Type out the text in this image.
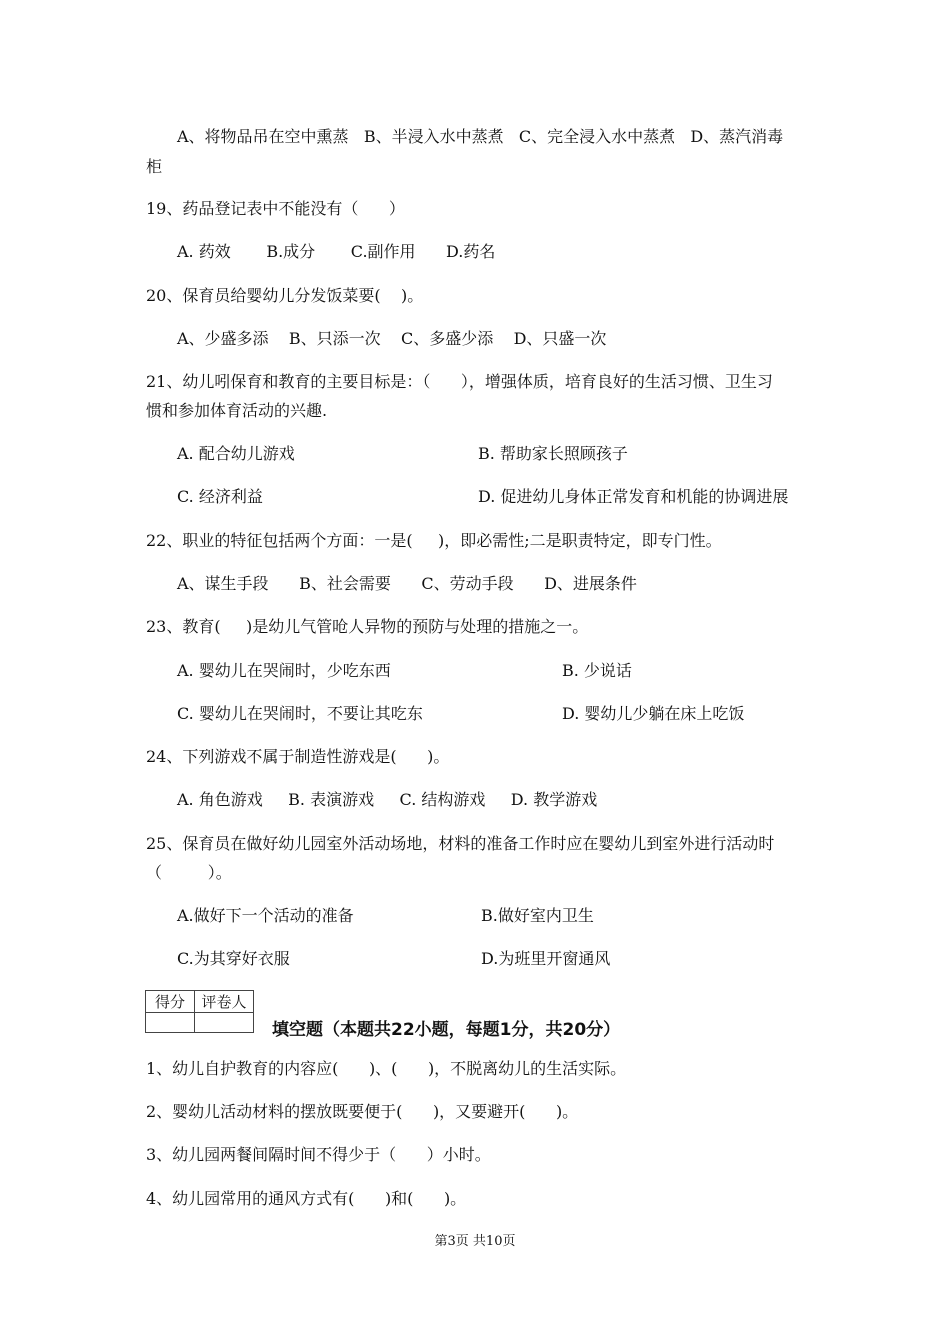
A、将物品吊在空中熏蒸   B、半浸入水中蒸煮   C、完全浸入水中蒸煮   D、蒸汽消毒
柜
19、药品登记表中不能没有（      ）
A. 药效       B.成分       C.副作用      D.药名
20、保育员给婴幼儿分发饭菜要(    )。
A、少盛多添    B、只添一次    C、多盛少添    D、只盛一次
21、幼儿吲保育和教育的主要目标是：（      ），增强体质，培育良好的生活习惯、卫生习
惯和参加体育活动的兴趣.
A. 配合幼儿游戏	B. 帮助家长照顾孩子
C. 经济利益	D. 促进幼儿身体正常发育和机能的协调进展
22、职业的特征包括两个方面：一是(     )，即必需性;二是职责特定，即专门性。
A、谋生手段      B、社会需要      C、劳动手段      D、进展条件
23、教育(     )是幼儿气管呛人异物的预防与处理的措施之一。
A. 婴幼儿在哭闹时，少吃东西	B. 少说话
C. 婴幼儿在哭闹时，不要让其吃东	D. 婴幼儿少躺在床上吃饭
24、下列游戏不属于制造性游戏是(      )。
A. 角色游戏     B. 表演游戏     C. 结构游戏     D. 教学游戏
25、保育员在做好幼儿园室外活动场地，材料的准备工作时应在婴幼儿到室外进行活动时
（         ）。
A.做好下一个活动的准备	B.做好室内卫生
C.为其穿好衣服	D.为班里开窗通风
得分	评卷人

填空题（本题共22小题，每题1分，共20分）
1、幼儿自护教育的内容应(      )、(      )，不脱离幼儿的生活实际。
2、婴幼儿活动材料的摆放既要便于(      )，又要避开(      )。
3、幼儿园两餐间隔时间不得少于（      ）小时。
4、幼儿园常用的通风方式有(      )和(      )。
第3页 共10页
